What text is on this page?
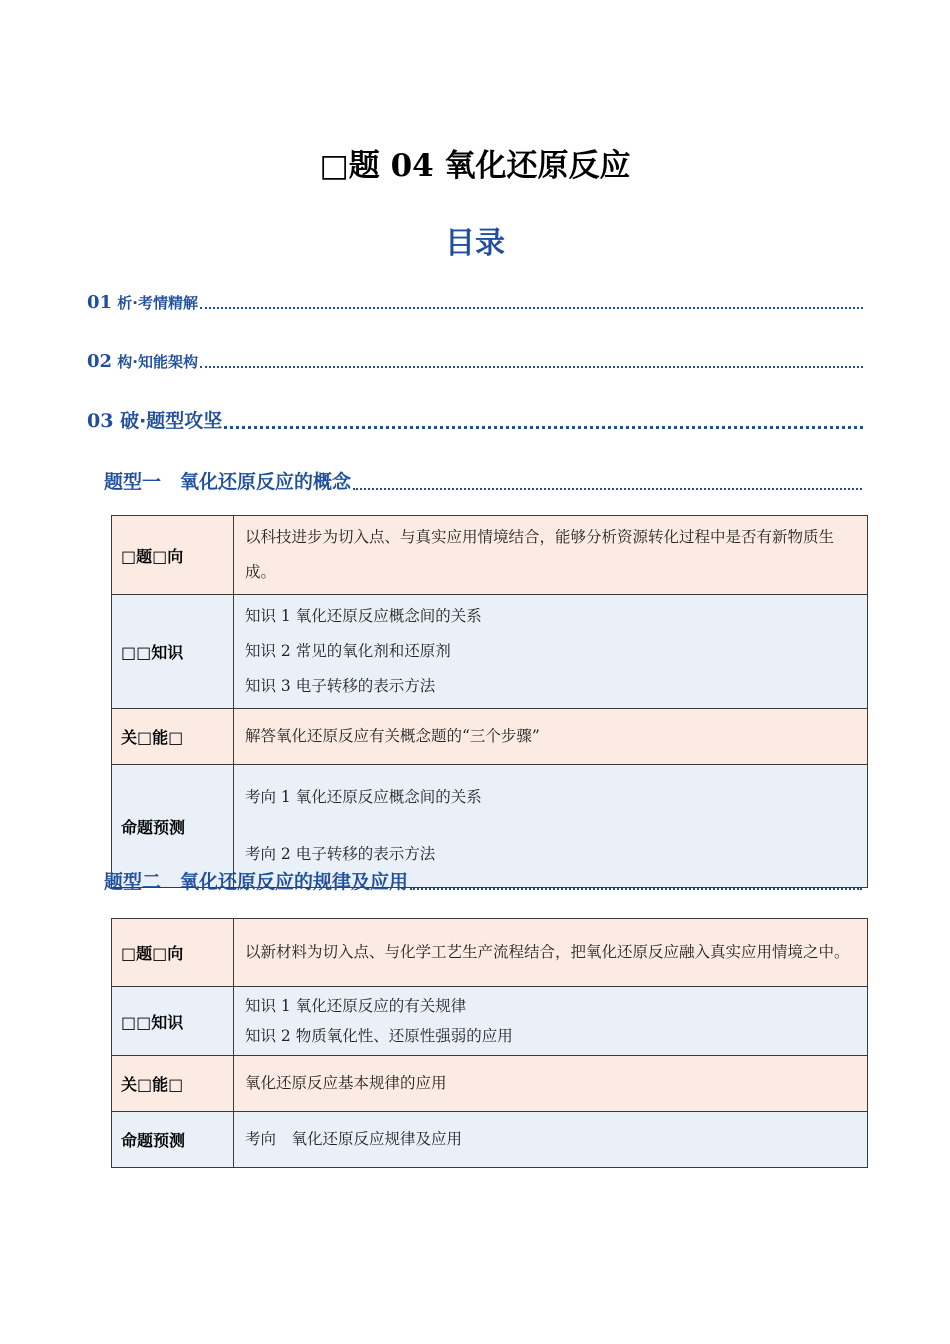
□题 04 氧化还原反应
目录
01 析·考情精解
02 构·知能架构
03 破·题型攻坚
题型一　氧化还原反应的概念
□题□向	以科技进步为切入点、与真实应用情境结合，能够分析资源转化过程中是否有新物质生成。
□□知识	知识 1 氧化还原反应概念间的关系
知识 2 常见的氧化剂和还原剂
知识 3 电子转移的表示方法

关□能□	解答氧化还原反应有关概念题的“三个步骤”
命题预测	考向 1 氧化还原反应概念间的关系
考向 2 电子转移的表示方法
题型二　氧化还原反应的规律及应用
□题□向	以新材料为切入点、与化学工艺生产流程结合，把氧化还原反应融入真实应用情境之中。
□□知识	知识 1 氧化还原反应的有关规律
知识 2 物质氧化性、还原性强弱的应用

关□能□	氧化还原反应基本规律的应用
命题预测	考向　氧化还原反应规律及应用
